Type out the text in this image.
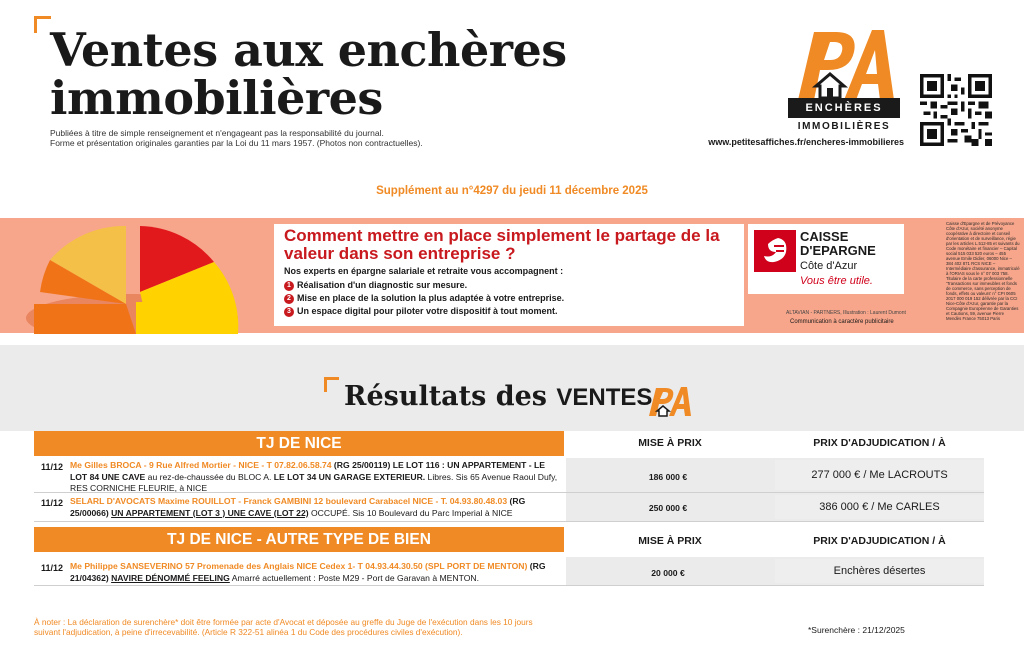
Ventes aux enchères
immobilières
Publiées à titre de simple renseignement et n'engageant pas la responsabilité du journal.
Forme et présentation originales garanties par la Loi du 11 mars 1957. (Photos non contractuelles).
ENCHÈRES
IMMOBILIÈRES
www.petitesaffiches.fr/encheres-immobilieres
Supplément au n°4297 du jeudi 11 décembre 2025
Comment mettre en place simplement le partage de la valeur dans son entreprise ?
Nos experts en épargne salariale et retraite vous accompagnent :
1 Réalisation d'un diagnostic sur mesure.
2 Mise en place de la solution la plus adaptée à votre entreprise.
3 Un espace digital pour piloter votre dispositif à tout moment.
CAISSE
D'EPARGNE
Côte d'Azur
Vous être utile.
ALTAVIAN - PARTNERS, Illustration : Laurent Dumont
Communication à caractère publicitaire
Caisse d'Epargne et de Prévoyance Côte d'Azur, société anonyme coopérative à directoire et conseil d'orientation et de surveillance, régie par les articles L.512-85 et suivants du Code monétaire et financier – Capital social 515 033 520 euros – 455 avenue Emile Didier, 06000 Nice – 384 402 871 RCS NICE – Intermédiaire d'assurance, immatriculé à l'ORIAS sous le n° 07 003 758. Titulaire de la carte professionnelle 'Transactions sur immeubles et fonds de commerce, sans perception de fonds, effets ou valeurs' n° CPI 0605 2017 000 019 152 délivrée par la CCI Nice-Côte d'Azur, garantie par la Compagnie Européenne de Garanties et Cautions, 59, avenue Pierre Mendès France 75013 Paris
Résultats des VENTES
TJ DE NICE	MISE À PRIX	PRIX D'ADJUDICATION / À
11/12 Me Gilles BROCA - 9 Rue Alfred Mortier - NICE - T 07.82.06.58.74 (RG 25/00119) LE LOT 116 : UN APPARTEMENT - LE LOT 84 UNE CAVE au rez-de-chaussée du BLOC A. LE LOT 34 UN GARAGE EXTERIEUR. Libres. Sis 65 Avenue Raoul Dufy, RES CORNICHE FLEURIE, à NICE
186 000 €	277 000 € / Me LACROUTS
11/12 SELARL D'AVOCATS Maxime ROUILLOT - Franck GAMBINI 12 boulevard Carabacel NICE - T. 04.93.80.48.03 (RG 25/00066) UN APPARTEMENT (LOT 3 ) UNE CAVE (LOT 22) OCCUPÉ. Sis 10 Boulevard du Parc Imperial à NICE	250 000 €	386 000 € / Me CARLES
TJ DE NICE - AUTRE TYPE DE BIEN	MISE À PRIX	PRIX D'ADJUDICATION / À
11/12 Me Philippe SANSEVERINO 57 Promenade des Anglais NICE Cedex 1- T 04.93.44.30.50 (SPL PORT DE MENTON) (RG 21/04362) NAVIRE DÉNOMMÉ FEELING Amarré actuellement : Poste M29 - Port de Garavan à MENTON.	20 000 €	Enchères désertes
À noter : La déclaration de surenchère* doit être formée par acte d'Avocat et déposée au greffe du Juge de l'exécution dans les 10 jours
suivant l'adjudication, à peine d'irrecevabilité. (Article R 322-51 alinéa 1 du Code des procédures civiles d'exécution).	*Surenchère : 21/12/2025
